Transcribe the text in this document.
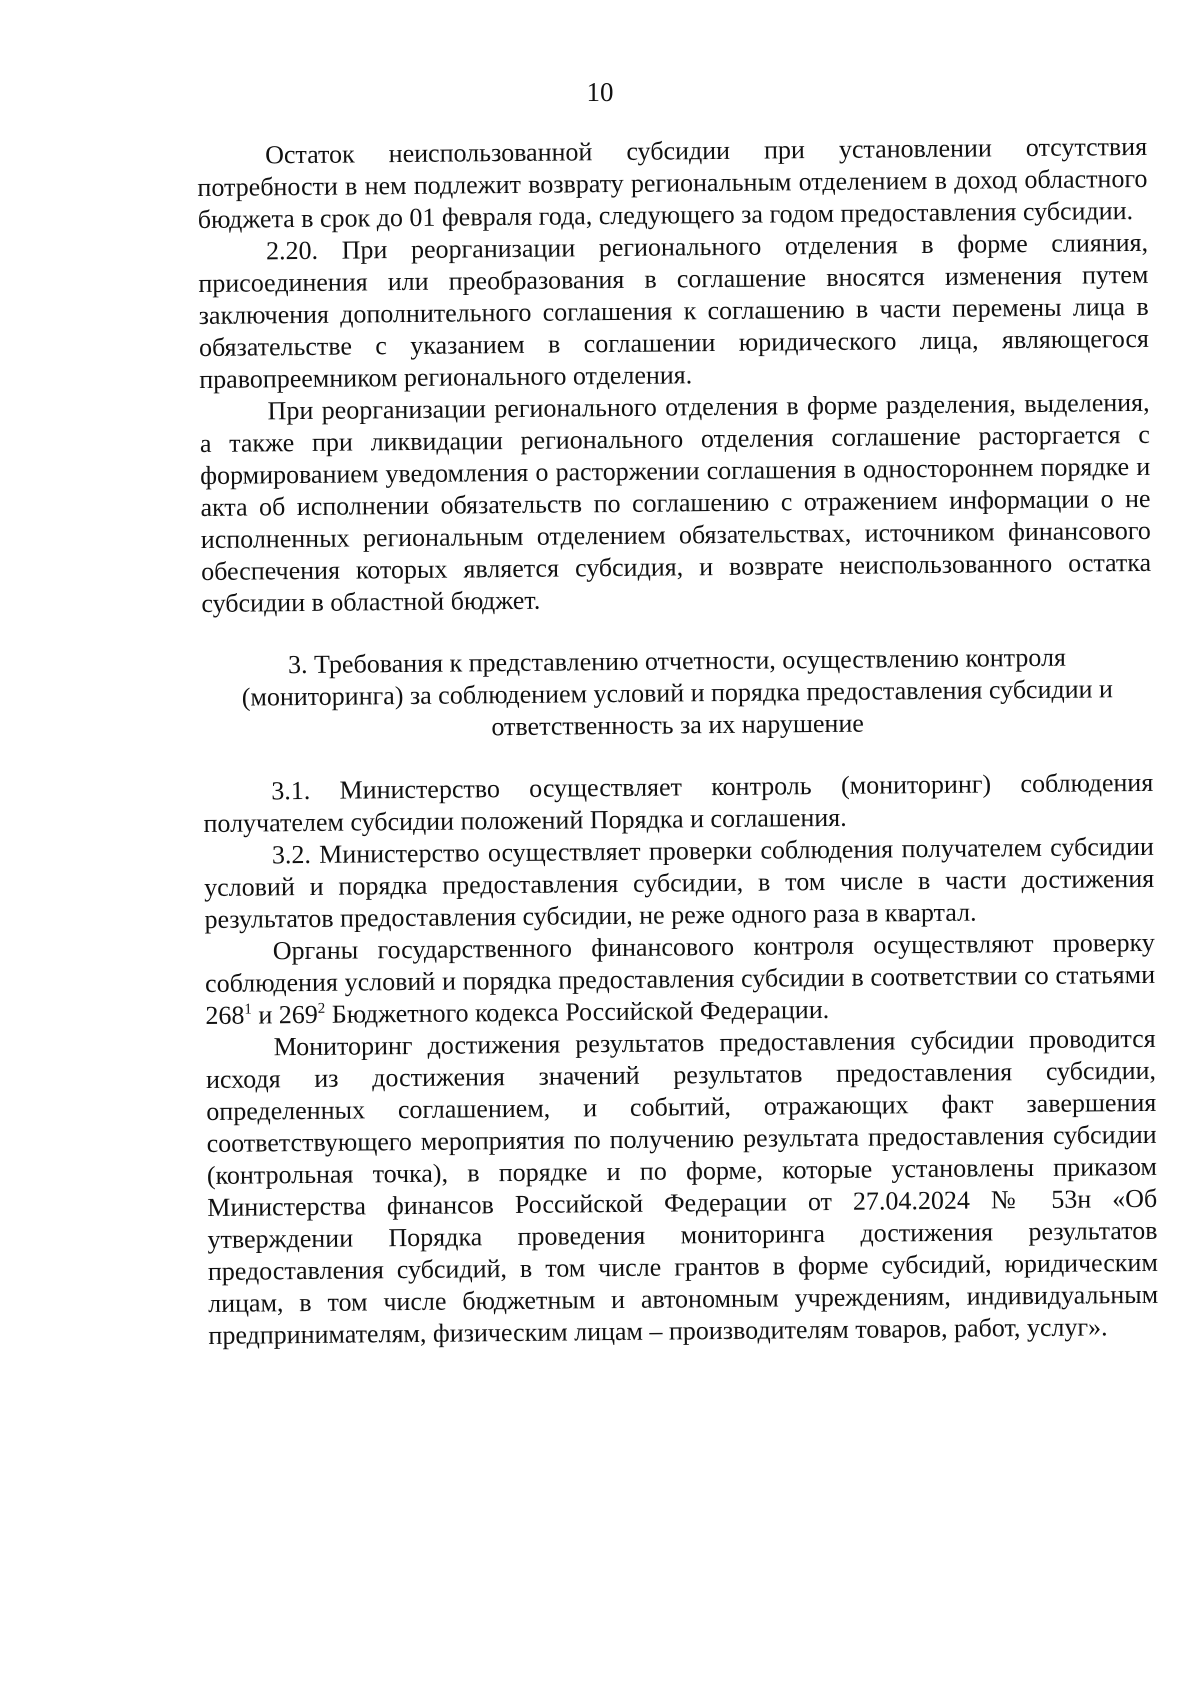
10

Остаток неиспользованной субсидии при установлении отсутствия потребности в нем подлежит возврату региональным отделением в доход областного бюджета в срок до 01 февраля года, следующего за годом предоставления субсидии.

2.20. При реорганизации регионального отделения в форме слияния, присоединения или преобразования в соглашение вносятся изменения путем заключения дополнительного соглашения к соглашению в части перемены лица в обязательстве с указанием в соглашении юридического лица, являющегося правопреемником регионального отделения.

При реорганизации регионального отделения в форме разделения, выделения, а также при ликвидации регионального отделения соглашение расторгается с формированием уведомления о расторжении соглашения в одностороннем порядке и акта об исполнении обязательств по соглашению с отражением информации о не исполненных региональным отделением обязательствах, источником финансового обеспечения которых является субсидия, и возврате неиспользованного остатка субсидии в областной бюджет.

3. Требования к представлению отчетности, осуществлению контроля (мониторинга) за соблюдением условий и порядка предоставления субсидии и ответственность за их нарушение

3.1. Министерство осуществляет контроль (мониторинг) соблюдения получателем субсидии положений Порядка и соглашения.

3.2. Министерство осуществляет проверки соблюдения получателем субсидии условий и порядка предоставления субсидии, в том числе в части достижения результатов предоставления субсидии, не реже одного раза в квартал.

Органы государственного финансового контроля осуществляют проверку соблюдения условий и порядка предоставления субсидии в соответствии со статьями $268^1$ и $269^2$ Бюджетного кодекса Российской Федерации.

Мониторинг достижения результатов предоставления субсидии проводится исходя из достижения значений результатов предоставления субсидии, определенных соглашением, и событий, отражающих факт завершения соответствующего мероприятия по получению результата предоставления субсидии (контрольная точка), в порядке и по форме, которые установлены приказом Министерства финансов Российской Федерации от 27.04.2024 № 53н «Об утверждении Порядка проведения мониторинга достижения результатов предоставления субсидий, в том числе грантов в форме субсидий, юридическим лицам, в том числе бюджетным и автономным учреждениям, индивидуальным предпринимателям, физическим лицам – производителям товаров, работ, услуг».
